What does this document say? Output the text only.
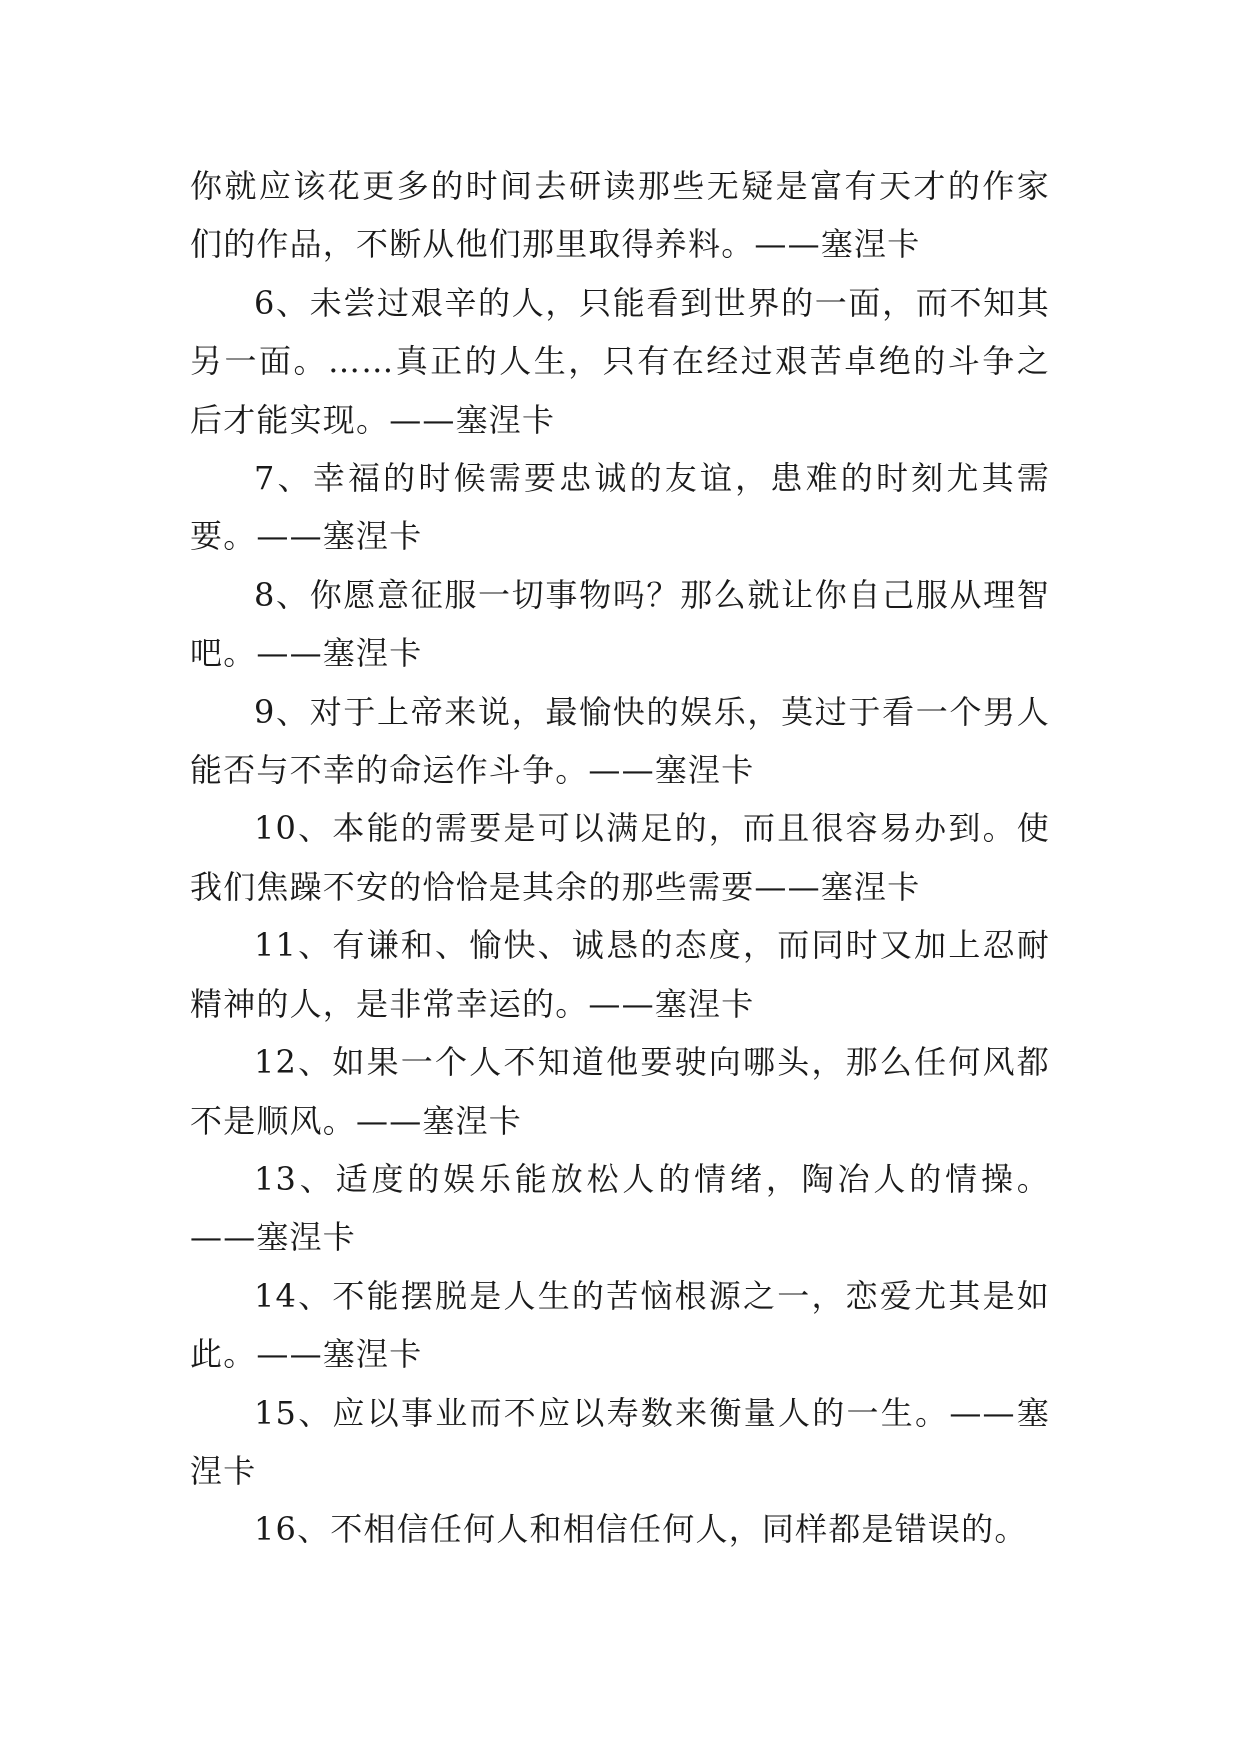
你就应该花更多的时间去研读那些无疑是富有天才的作家们的作品，不断从他们那里取得养料。——塞涅卡

6、未尝过艰辛的人，只能看到世界的一面，而不知其另一面。……真正的人生，只有在经过艰苦卓绝的斗争之后才能实现。——塞涅卡

7、幸福的时候需要忠诚的友谊，患难的时刻尤其需要。——塞涅卡

8、你愿意征服一切事物吗？那么就让你自己服从理智吧。——塞涅卡

9、对于上帝来说，最愉快的娱乐，莫过于看一个男人能否与不幸的命运作斗争。——塞涅卡

10、本能的需要是可以满足的，而且很容易办到。使我们焦躁不安的恰恰是其余的那些需要——塞涅卡

11、有谦和、愉快、诚恳的态度，而同时又加上忍耐精神的人，是非常幸运的。——塞涅卡

12、如果一个人不知道他要驶向哪头，那么任何风都不是顺风。——塞涅卡

13、适度的娱乐能放松人的情绪，陶冶人的情操。——塞涅卡

14、不能摆脱是人生的苦恼根源之一，恋爱尤其是如此。——塞涅卡

15、应以事业而不应以寿数来衡量人的一生。——塞涅卡

16、不相信任何人和相信任何人，同样都是错误的。
